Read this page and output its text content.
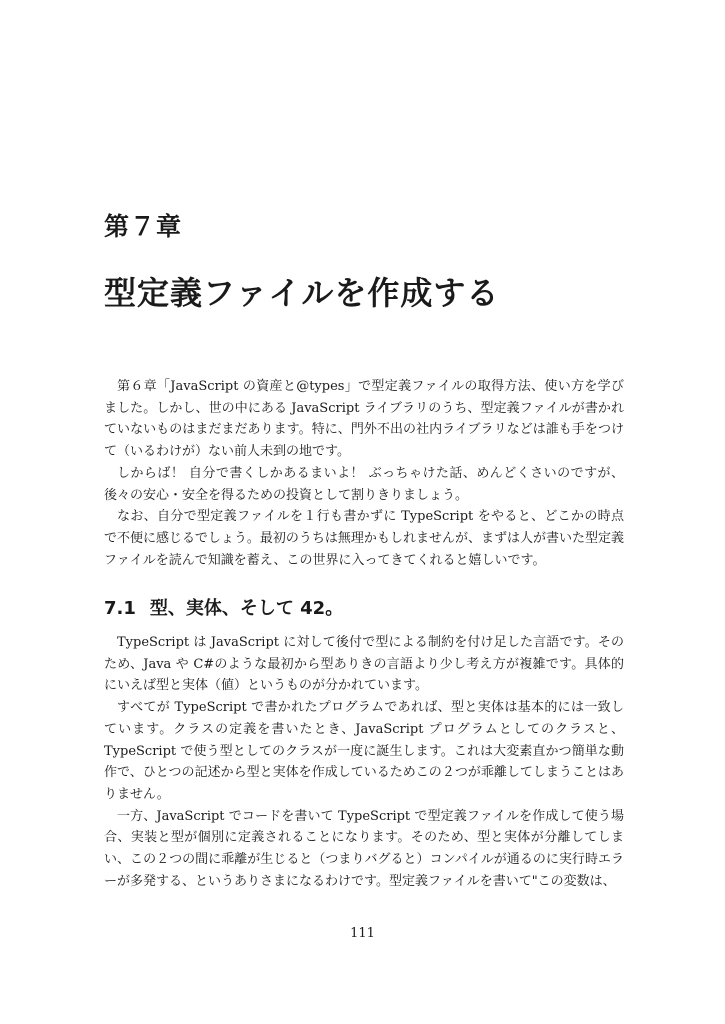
第７章
型定義ファイルを作成する

第６章「JavaScript の資産と@types」で型定義ファイルの取得方法、使い方を学びました。しかし、世の中にある JavaScript ライブラリのうち、型定義ファイルが書かれていないものはまだまだあります。特に、門外不出の社内ライブラリなどは誰も手をつけて（いるわけが）ない前人未到の地です。

しからば！ 自分で書くしかあるまいよ！ ぶっちゃけた話、めんどくさいのですが、後々の安心・安全を得るための投資として割りきりましょう。

なお、自分で型定義ファイルを１行も書かずに TypeScript をやると、どこかの時点で不便に感じるでしょう。最初のうちは無理かもしれませんが、まずは人が書いた型定義ファイルを読んで知識を蓄え、この世界に入ってきてくれると嬉しいです。

7.1 型、実体、そして 42。

TypeScript は JavaScript に対して後付で型による制約を付け足した言語です。そのため、Java や C#のような最初から型ありきの言語より少し考え方が複雑です。具体的にいえば型と実体（値）というものが分かれています。

すべてが TypeScript で書かれたプログラムであれば、型と実体は基本的には一致しています。クラスの定義を書いたとき、JavaScript プログラムとしてのクラスと、TypeScript で使う型としてのクラスが一度に誕生します。これは大変素直かつ簡単な動作で、ひとつの記述から型と実体を作成しているためこの２つが乖離してしまうことはありません。

一方、JavaScript でコードを書いて TypeScript で型定義ファイルを作成して使う場合、実装と型が個別に定義されることになります。そのため、型と実体が分離してしまい、この２つの間に乖離が生じると（つまりバグると）コンパイルが通るのに実行時エラーが多発する、というありさまになるわけです。型定義ファイルを書いて"この変数は、

111
